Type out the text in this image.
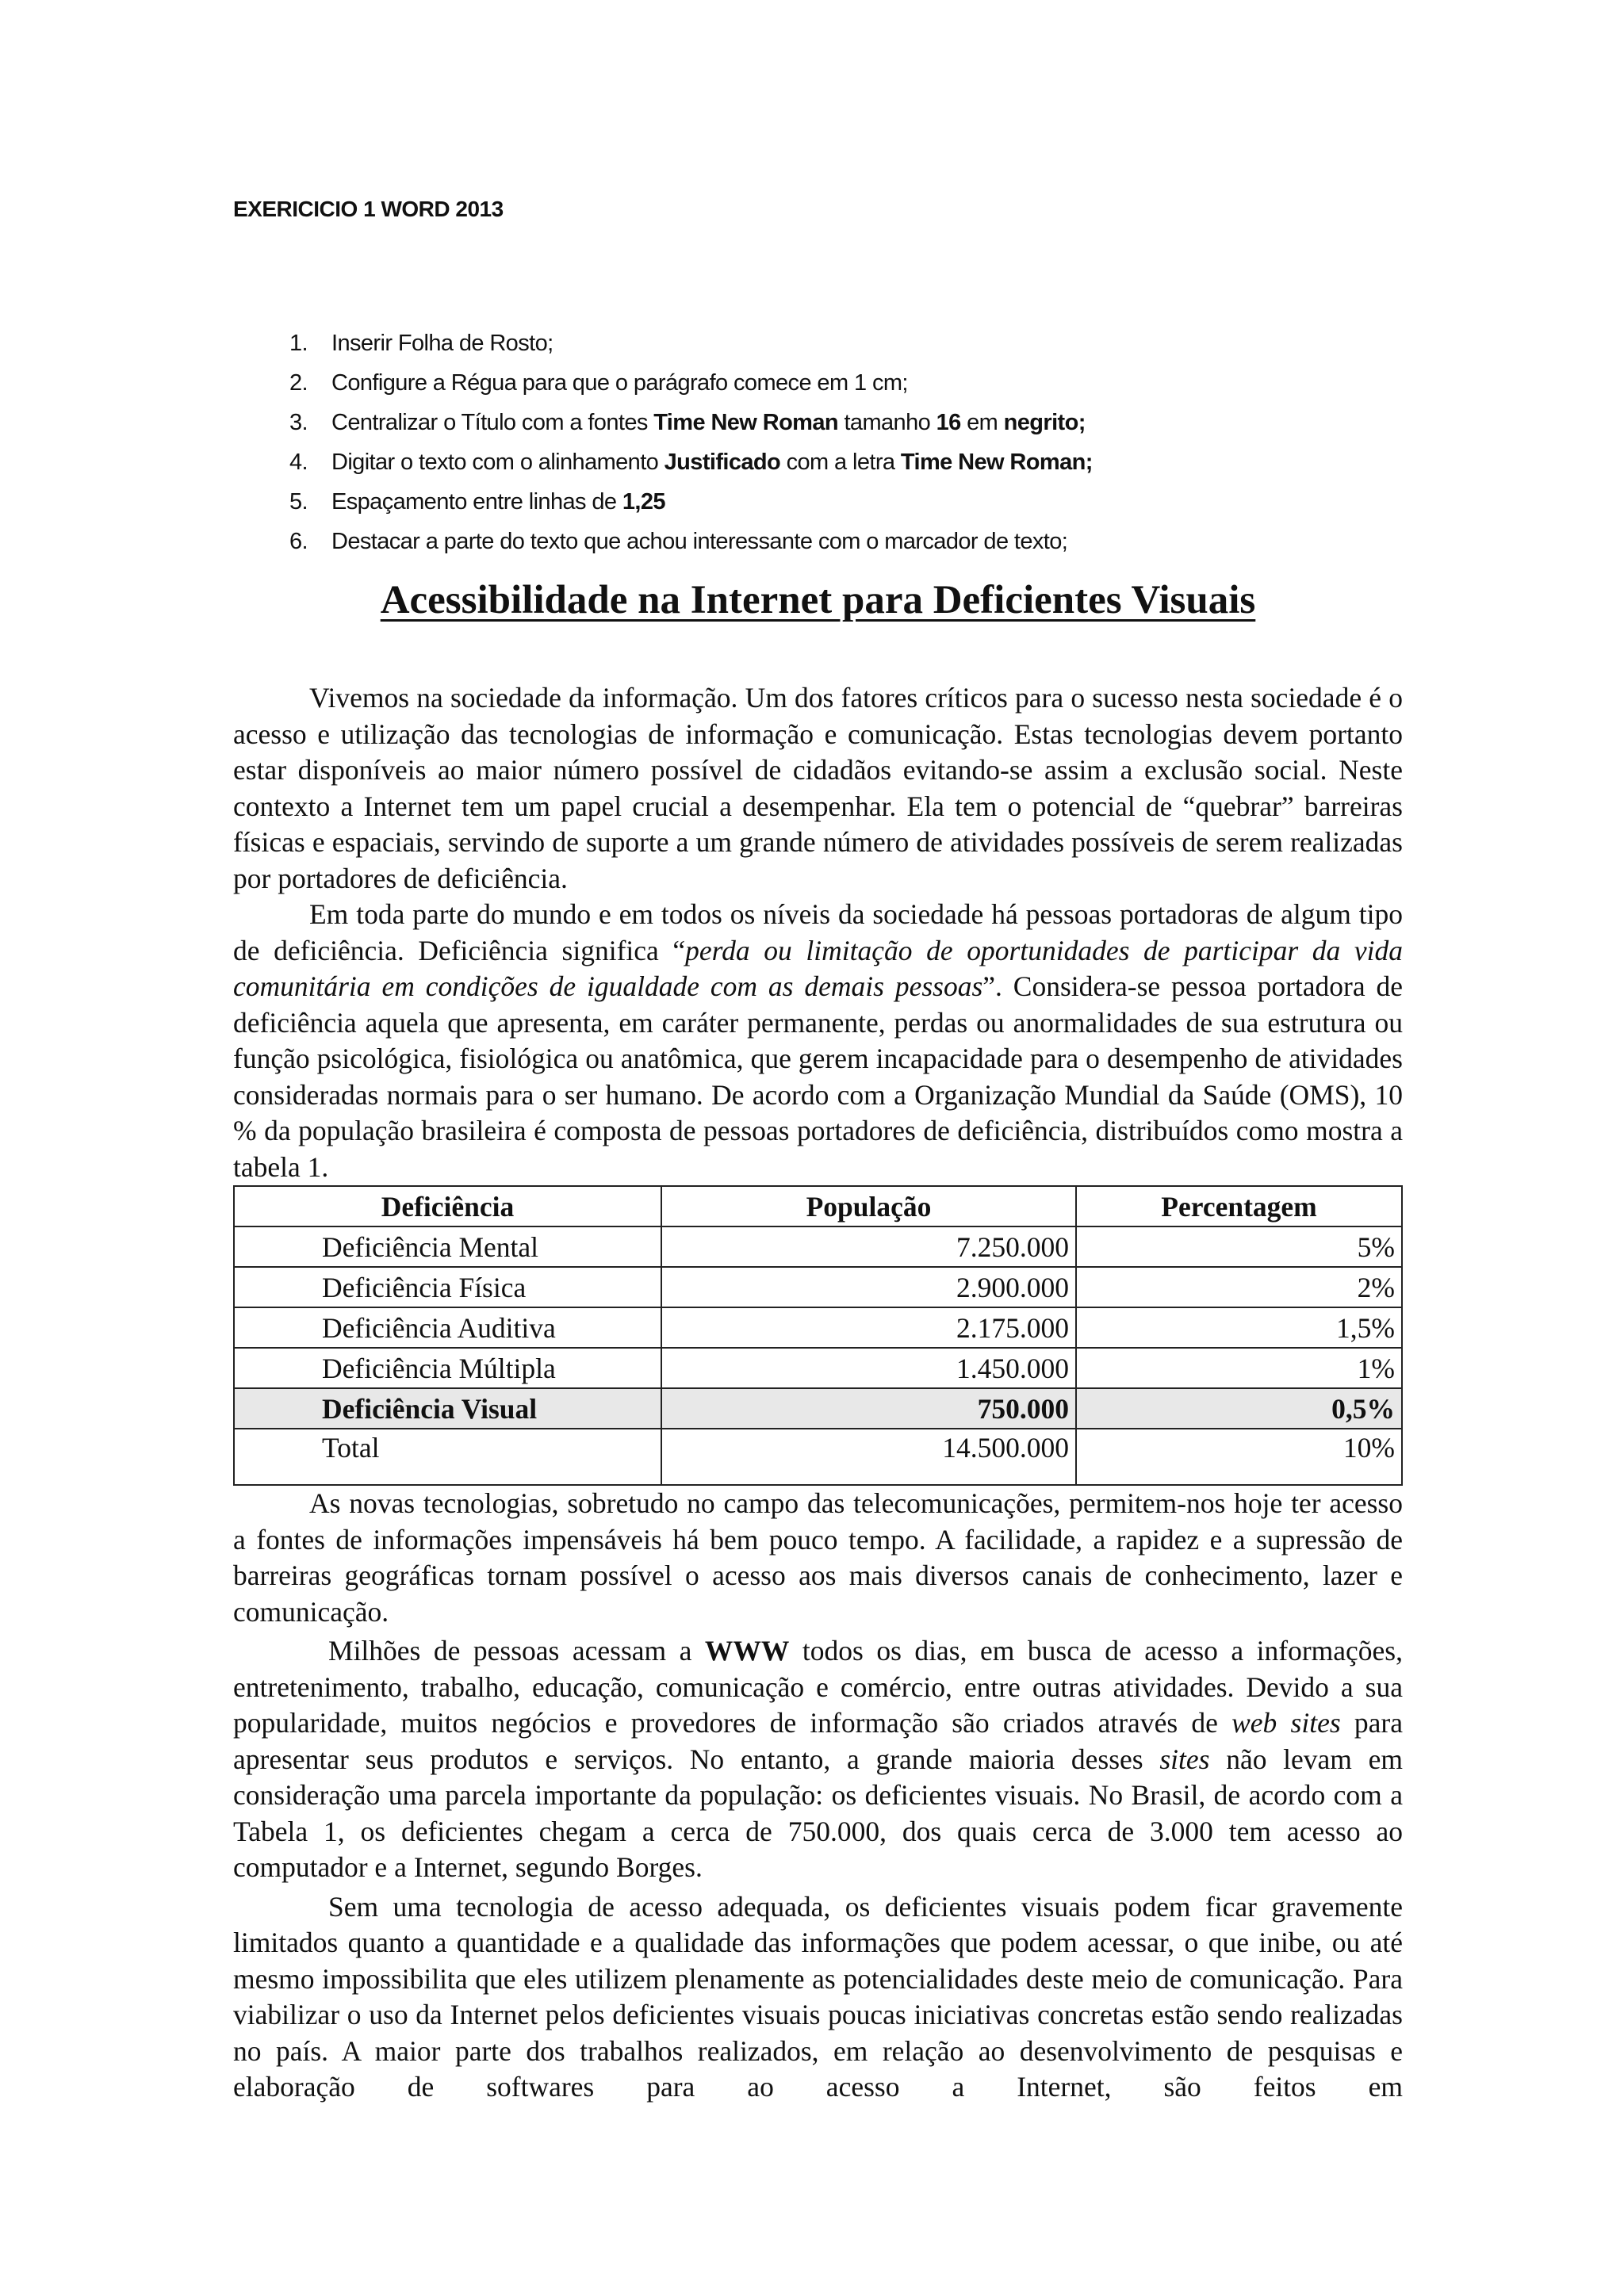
EXERICICIO 1 WORD 2013
1.	Inserir Folha de Rosto;
2.	Configure a Régua para que o parágrafo comece em 1 cm;
3.	Centralizar o Título com a fontes Time New Roman tamanho 16 em negrito;
4.	Digitar o texto com o alinhamento Justificado com a letra Time New Roman;
5.	Espaçamento entre linhas de 1,25
6.	Destacar a parte do texto que achou interessante com o marcador de texto;
Acessibilidade na Internet para Deficientes Visuais

Vivemos na sociedade da informação. Um dos fatores críticos para o sucesso nesta sociedade é o acesso e utilização das tecnologias de informação e comunicação. Estas tecnologias devem portanto estar disponíveis ao maior número possível de cidadãos evitando-se assim a exclusão social. Neste contexto a Internet tem um papel crucial a desempenhar. Ela tem o potencial de “quebrar” barreiras físicas e espaciais, servindo de suporte a um grande número de atividades possíveis de serem realizadas por portadores de deficiência.

Em toda parte do mundo e em todos os níveis da sociedade há pessoas portadoras de algum tipo de deficiência. Deficiência significa “perda ou limitação de oportunidades de participar da vida comunitária em condições de igualdade com as demais pessoas”. Considera-se pessoa portadora de deficiência aquela que apresenta, em caráter permanente, perdas ou anormalidades de sua estrutura ou função psicológica, fisiológica ou anatômica, que gerem incapacidade para o desempenho de atividades consideradas normais para o ser humano. De acordo com a Organização Mundial da Saúde (OMS), 10 % da população brasileira é composta de pessoas portadores de deficiência, distribuídos como mostra a tabela 1.

Deficiência	População	Percentagem
Deficiência Mental	7.250.000	5%
Deficiência Física	2.900.000	2%
Deficiência Auditiva	2.175.000	1,5%
Deficiência Múltipla	1.450.000	1%
Deficiência Visual	750.000	0,5%
Total	14.500.000	10%

As novas tecnologias, sobretudo no campo das telecomunicações, permitem-nos hoje ter acesso a fontes de informações impensáveis há bem pouco tempo. A facilidade, a rapidez e a supressão de barreiras geográficas tornam possível o acesso aos mais diversos canais de conhecimento, lazer e comunicação.

Milhões de pessoas acessam a WWW todos os dias, em busca de acesso a informações, entretenimento, trabalho, educação, comunicação e comércio, entre outras atividades. Devido a sua popularidade, muitos negócios e provedores de informação são criados através de web sites para apresentar seus produtos e serviços. No entanto, a grande maioria desses sites não levam em consideração uma parcela importante da população: os deficientes visuais. No Brasil, de acordo com a Tabela 1, os deficientes chegam a cerca de 750.000, dos quais cerca de 3.000 tem acesso ao computador e a Internet, segundo Borges.

Sem uma tecnologia de acesso adequada, os deficientes visuais podem ficar gravemente limitados quanto a quantidade e a qualidade das informações que podem acessar, o que inibe, ou até mesmo impossibilita que eles utilizem plenamente as potencialidades deste meio de comunicação. Para viabilizar o uso da Internet pelos deficientes visuais poucas iniciativas concretas estão sendo realizadas no país. A maior parte dos trabalhos realizados, em relação ao desenvolvimento de pesquisas e elaboração de softwares para ao acesso a Internet, são feitos em
